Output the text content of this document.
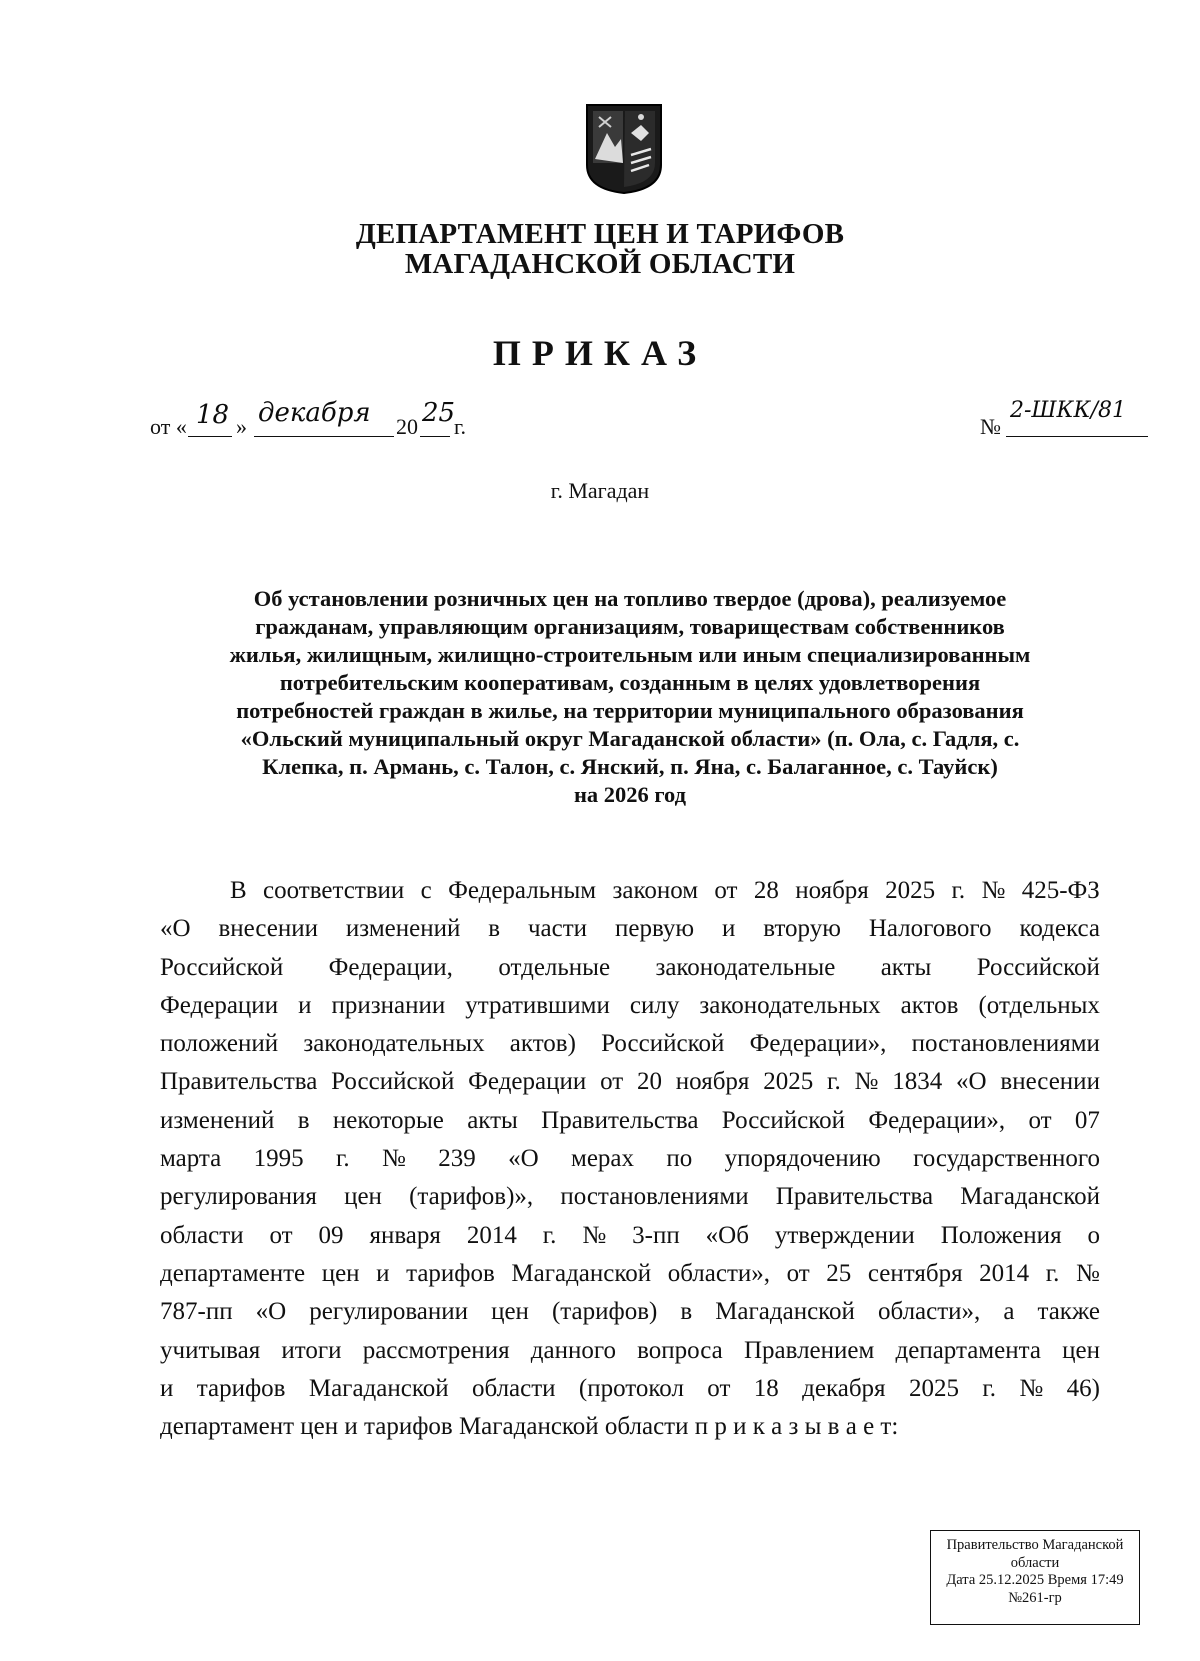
ДЕПАРТАМЕНТ ЦЕН И ТАРИФОВ
МАГАДАНСКОЙ ОБЛАСТИ
ПРИКАЗ
от « 18 » декабря 20 25
г.	№
2-ШКК/81
г. Магадан
Об установлении розничных цен на топливо твердое (дрова), реализуемое
гражданам, управляющим организациям, товариществам собственников
жилья, жилищным, жилищно-строительным или иным специализированным
потребительским кооперативам, созданным в целях удовлетворения
потребностей граждан в жилье, на территории муниципального образования
«Ольский муниципальный округ Магаданской области» (п. Ола, с. Гадля, с.
Клепка, п. Армань, с. Талон, с. Янский, п. Яна, с. Балаганное, с. Тауйск)
на 2026 год
В соответствии с Федеральным законом от 28 ноября 2025 г. № 425-ФЗ
«О внесении изменений в части первую и вторую Налогового кодекса
Российской Федерации, отдельные законодательные акты Российской
Федерации и признании утратившими силу законодательных актов (отдельных
положений законодательных актов) Российской Федерации», постановлениями
Правительства Российской Федерации от 20 ноября 2025 г. № 1834 «О внесении
изменений в некоторые акты Правительства Российской Федерации», от 07
марта 1995 г. № 239 «О мерах по упорядочению государственного
регулирования цен (тарифов)», постановлениями Правительства Магаданской
области от 09 января 2014 г. № 3-пп «Об утверждении Положения о
департаменте цен и тарифов Магаданской области», от 25 сентября 2014 г. №
787-пп «О регулировании цен (тарифов) в Магаданской области», а также
учитывая итоги рассмотрения данного вопроса Правлением департамента цен
и тарифов Магаданской области (протокол от 18 декабря 2025 г. № 46)
департамент цен и тарифов Магаданской области п р и к а з ы в а е т:
Правительство Магаданской
области
Дата 25.12.2025 Время 17:49
№261-гр
